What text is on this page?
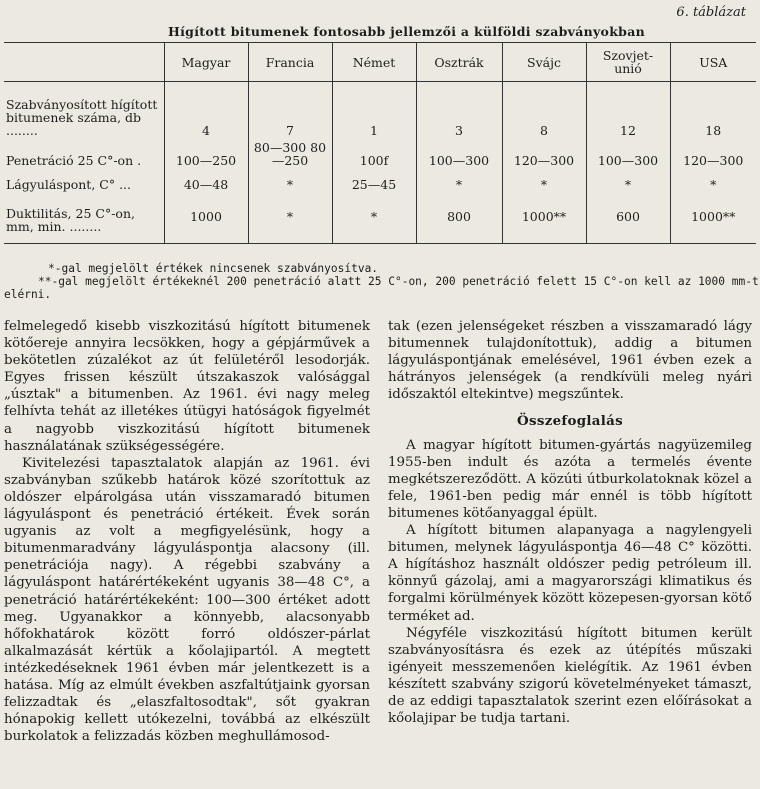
6. táblázat
Hígított bitumenek fontosabb jellemzői a külföldi szabványokban
	Magyar	Francia	Német	Osztrák	Svájc	Szovjet-unió	USA
Szabványosított hígított bitumenek száma, db ........	4	7	1	3	8	12	18
Penetráció 25 C°-on .	100—250	80—300 80—250	100f	100—300	120—300	100—300	120—300
Lágyuláspont, C° ...	40—48	*	25—45	*	*	*	*
Duktilitás, 25 C°-on, mm, min. ........	1000	*	*	800	1000**	600	1000**
*-gal megjelölt értékek nincsenek szabványosítva.
**-gal megjelölt értékeknél 200 penetráció alatt 25 C°-on, 200 penetráció felett 15 C°-on kell az 1000 mm-t
elérni.

felmelegedő kisebb viszkozitású hígított bitumenek kötőereje annyira lecsökken, hogy a gépjárművek a bekötetlen zúzalékot az út felületéről lesodorják. Egyes frissen készült útszakaszok valósággal „úsztak" a bitumenben. Az 1961. évi nagy meleg felhívta tehát az illetékes útügyi hatóságok figyelmét a nagyobb viszkozitású hígított bitumenek használatának szükségességére.

Kivitelezési tapasztalatok alapján az 1961. évi szabványban szűkebb határok közé szorítottuk az oldószer elpárolgása után visszamaradó bitumen lágyuláspont és penetráció értékeit. Évek során ugyanis az volt a megfigyelésünk, hogy a bitumenmaradvány lágyuláspontja alacsony (ill. penetrációja nagy). A régebbi szabvány a lágyuláspont határértékeként ugyanis 38—48 C°, a penetráció határértékeként: 100—300 értéket adott meg. Ugyanakkor a könnyebb, alacsonyabb hőfokhatárok között forró oldószer-párlat alkalmazását kértük a kőolajipartól. A megtett intézkedéseknek 1961 évben már jelentkezett is a hatása. Míg az elmúlt években aszfaltútjaink gyorsan felizzadtak és „elaszfaltosodtak", sőt gyakran hónapokig kellett utókezelni, továbbá az elkészült burkolatok a felizzadás közben meghullámosod-

tak (ezen jelenségeket részben a visszamaradó lágy bitumennek tulajdonítottuk), addig a bitumen lágyuláspontjának emelésével, 1961 évben ezek a hátrányos jelenségek (a rendkívüli meleg nyári időszaktól eltekintve) megszűntek.

Összefoglalás

A magyar hígított bitumen-gyártás nagyüzemileg 1955-ben indult és azóta a termelés évente megkétszereződött. A közúti útburkolatoknak közel a fele, 1961-ben pedig már ennél is több hígított bitumenes kötőanyaggal épült.

A hígított bitumen alapanyaga a nagylengyeli bitumen, melynek lágyuláspontja 46—48 C° közötti. A hígításhoz használt oldószer pedig petróleum ill. könnyű gázolaj, ami a magyarországi klimatikus és forgalmi körülmények között közepesen-gyorsan kötő terméket ad.

Négyféle viszkozitású hígított bitumen került szabványosításra és ezek az útépítés műszaki igényeit messzemenően kielégítik. Az 1961 évben készített szabvány szigorú követelményeket támaszt, de az eddigi tapasztalatok szerint ezen előírásokat a kőolajipar be tudja tartani.
